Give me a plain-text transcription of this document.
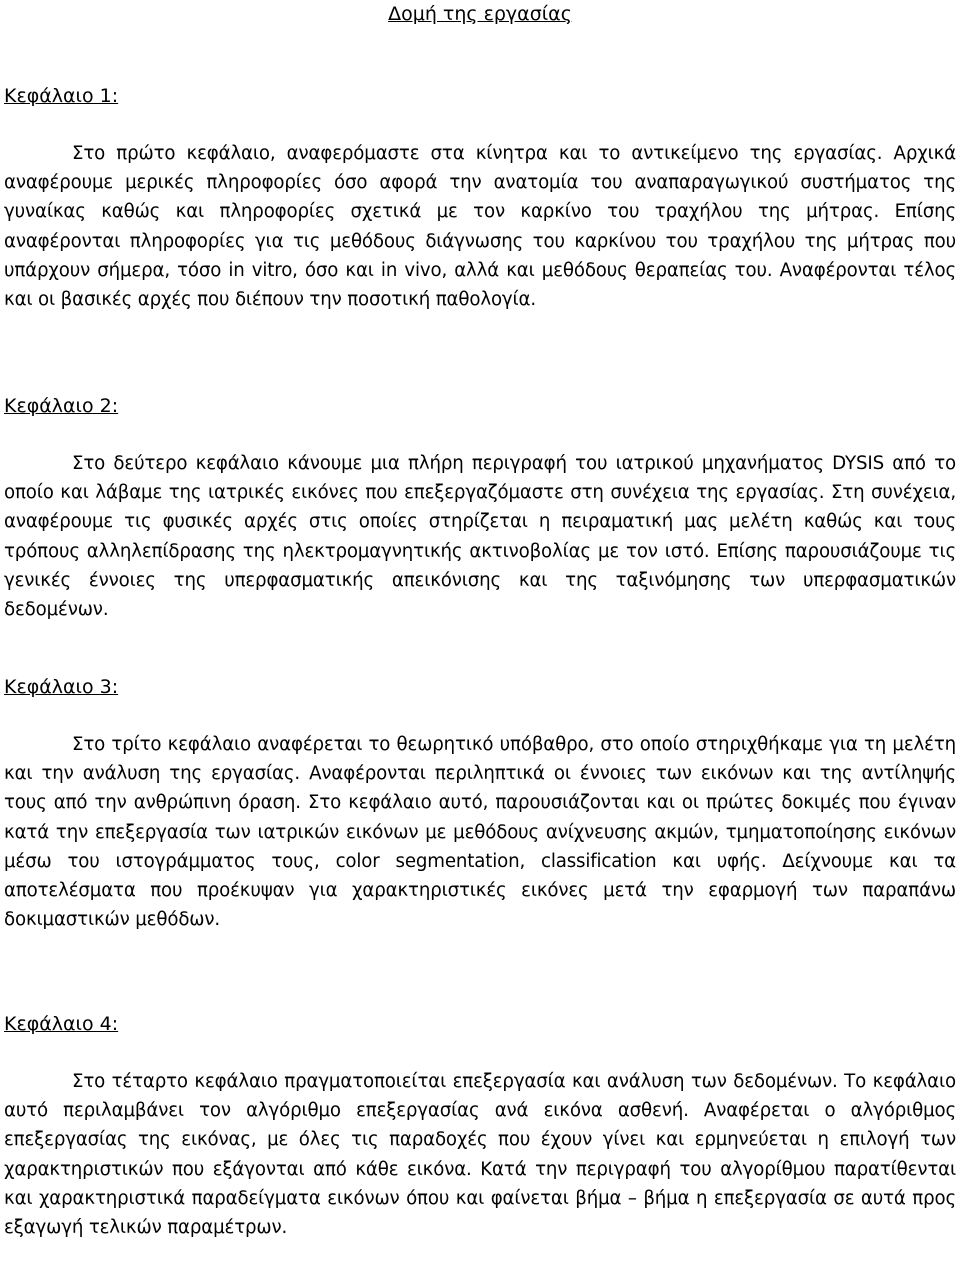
Δομή της εργασίας
Κεφάλαιο 1:

Στο πρώτο κεφάλαιο, αναφερόμαστε στα κίνητρα και το αντικείμενο της εργασίας. Αρχικά αναφέρουμε μερικές πληροφορίες όσο αφορά την ανατομία του αναπαραγωγικού συστήματος της γυναίκας καθώς και πληροφορίες σχετικά με τον καρκίνο του τραχήλου της μήτρας. Επίσης αναφέρονται πληροφορίες για τις μεθόδους διάγνωσης του καρκίνου του τραχήλου της μήτρας που υπάρχουν σήμερα, τόσο in vitro, όσο και in vivo, αλλά και μεθόδους θεραπείας του. Αναφέρονται τέλος και οι βασικές αρχές που διέπουν την ποσοτική παθολογία.

Κεφάλαιο 2:

Στο δεύτερο κεφάλαιο κάνουμε μια πλήρη περιγραφή του ιατρικού μηχανήματος DYSIS από το οποίο και λάβαμε της ιατρικές εικόνες που επεξεργαζόμαστε στη συνέχεια της εργασίας. Στη συνέχεια, αναφέρουμε τις φυσικές αρχές στις οποίες στηρίζεται η πειραματική μας μελέτη καθώς και τους τρόπους αλληλεπίδρασης της ηλεκτρομαγνητικής ακτινοβολίας με τον ιστό. Επίσης παρουσιάζουμε τις γενικές έννοιες της υπερφασματικής απεικόνισης και της ταξινόμησης των υπερφασματικών δεδομένων.

Κεφάλαιο 3:

Στο τρίτο κεφάλαιο αναφέρεται το θεωρητικό υπόβαθρο, στο οποίο στηριχθήκαμε για τη μελέτη και την ανάλυση της εργασίας. Αναφέρονται περιληπτικά οι έννοιες των εικόνων και της αντίληψής τους από την ανθρώπινη όραση. Στο κεφάλαιο αυτό, παρουσιάζονται και οι πρώτες δοκιμές που έγιναν κατά την επεξεργασία των ιατρικών εικόνων με μεθόδους ανίχνευσης ακμών, τμηματοποίησης εικόνων μέσω του ιστογράμματος τους, color segmentation, classification και υφής. Δείχνουμε και τα αποτελέσματα που προέκυψαν για χαρακτηριστικές εικόνες μετά την εφαρμογή των παραπάνω δοκιμαστικών μεθόδων.

Κεφάλαιο 4:

Στο τέταρτο κεφάλαιο πραγματοποιείται επεξεργασία και ανάλυση των δεδομένων. Το κεφάλαιο αυτό περιλαμβάνει τον αλγόριθμο επεξεργασίας ανά εικόνα ασθενή. Αναφέρεται ο αλγόριθμος επεξεργασίας της εικόνας, με όλες τις παραδοχές που έχουν γίνει και ερμηνεύεται η επιλογή των χαρακτηριστικών που εξάγονται από κάθε εικόνα. Κατά την περιγραφή του αλγορίθμου παρατίθενται και χαρακτηριστικά παραδείγματα εικόνων όπου και φαίνεται βήμα – βήμα η επεξεργασία σε αυτά προς εξαγωγή τελικών παραμέτρων.
